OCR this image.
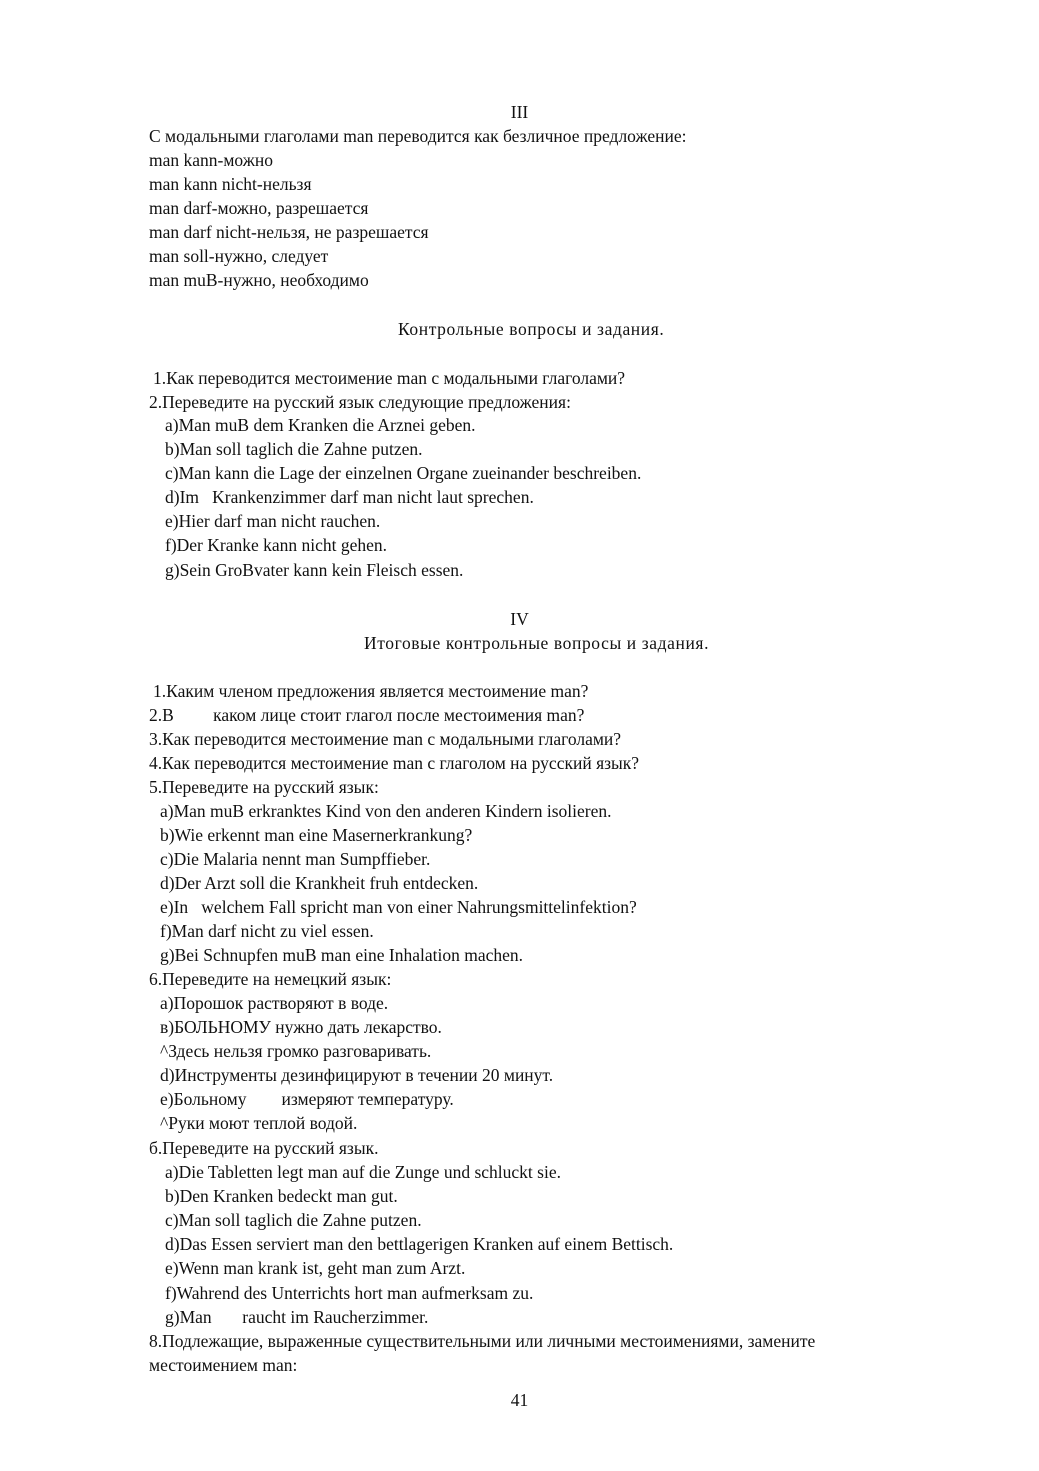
III
С модальными глаголами man переводится как безличное предложение:
man kann-можно
man kann nicht-нельзя
man darf-можно, разрешается
man darf nicht-нельзя, не разрешается
man soll-нужно, следует
man muB-нужно, необходимо
Контрольные вопросы и задания.
1.Как переводится местоимение man с модальными глаголами?
2.Переведите на русский язык следующие предложения:
a)Man muB dem Kranken die Arznei geben.
b)Man soll taglich die Zahne putzen.
c)Man kann die Lage der einzelnen Organe zueinander beschreiben.
d)Im   Krankenzimmer darf man nicht laut sprechen.
e)Hier darf man nicht rauchen.
f)Der Kranke kann nicht gehen.
g)Sein GroBvater kann kein Fleisch essen.
IV
Итоговые контрольные вопросы и задания.
1.Каким членом предложения является местоимение man?
2.В         каком лице стоит глагол после местоимения man?
3.Как переводится местоимение man с модальными глаголами?
4.Как переводится местоимение man с глаголом на русский язык?
5.Переведите на русский язык:
a)Man muB erkranktes Kind von den anderen Kindern isolieren.
b)Wie erkennt man eine Masernerkrankung?
c)Die Malaria nennt man Sumpffieber.
d)Der Arzt soll die Krankheit fruh entdecken.
e)In   welchem Fall spricht man von einer Nahrungsmittelinfektion?
f)Man darf nicht zu viel essen.
g)Bei Schnupfen muB man eine Inhalation machen.
6.Переведите на немецкий язык:
a)Порошок растворяют в воде.
в)БОЛЬНОМУ нужно дать лекарство.
^Здесь нельзя громко разговаривать.
d)Инструменты дезинфицируют в течении 20 минут.
e)Больному        измеряют температуру.
^Руки моют теплой водой.
б.Переведите на русский язык.
a)Die Tabletten legt man auf die Zunge und schluckt sie.
b)Den Kranken bedeckt man gut.
c)Man soll taglich die Zahne putzen.
d)Das Essen serviert man den bettlagerigen Kranken auf einem Bettisch.
e)Wenn man krank ist, geht man zum Arzt.
f)Wahrend des Unterrichts hort man aufmerksam zu.
g)Man       raucht im Raucherzimmer.
8.Подлежащие, выраженные существительными или личными местоимениями, замените
местоимением man:
41
